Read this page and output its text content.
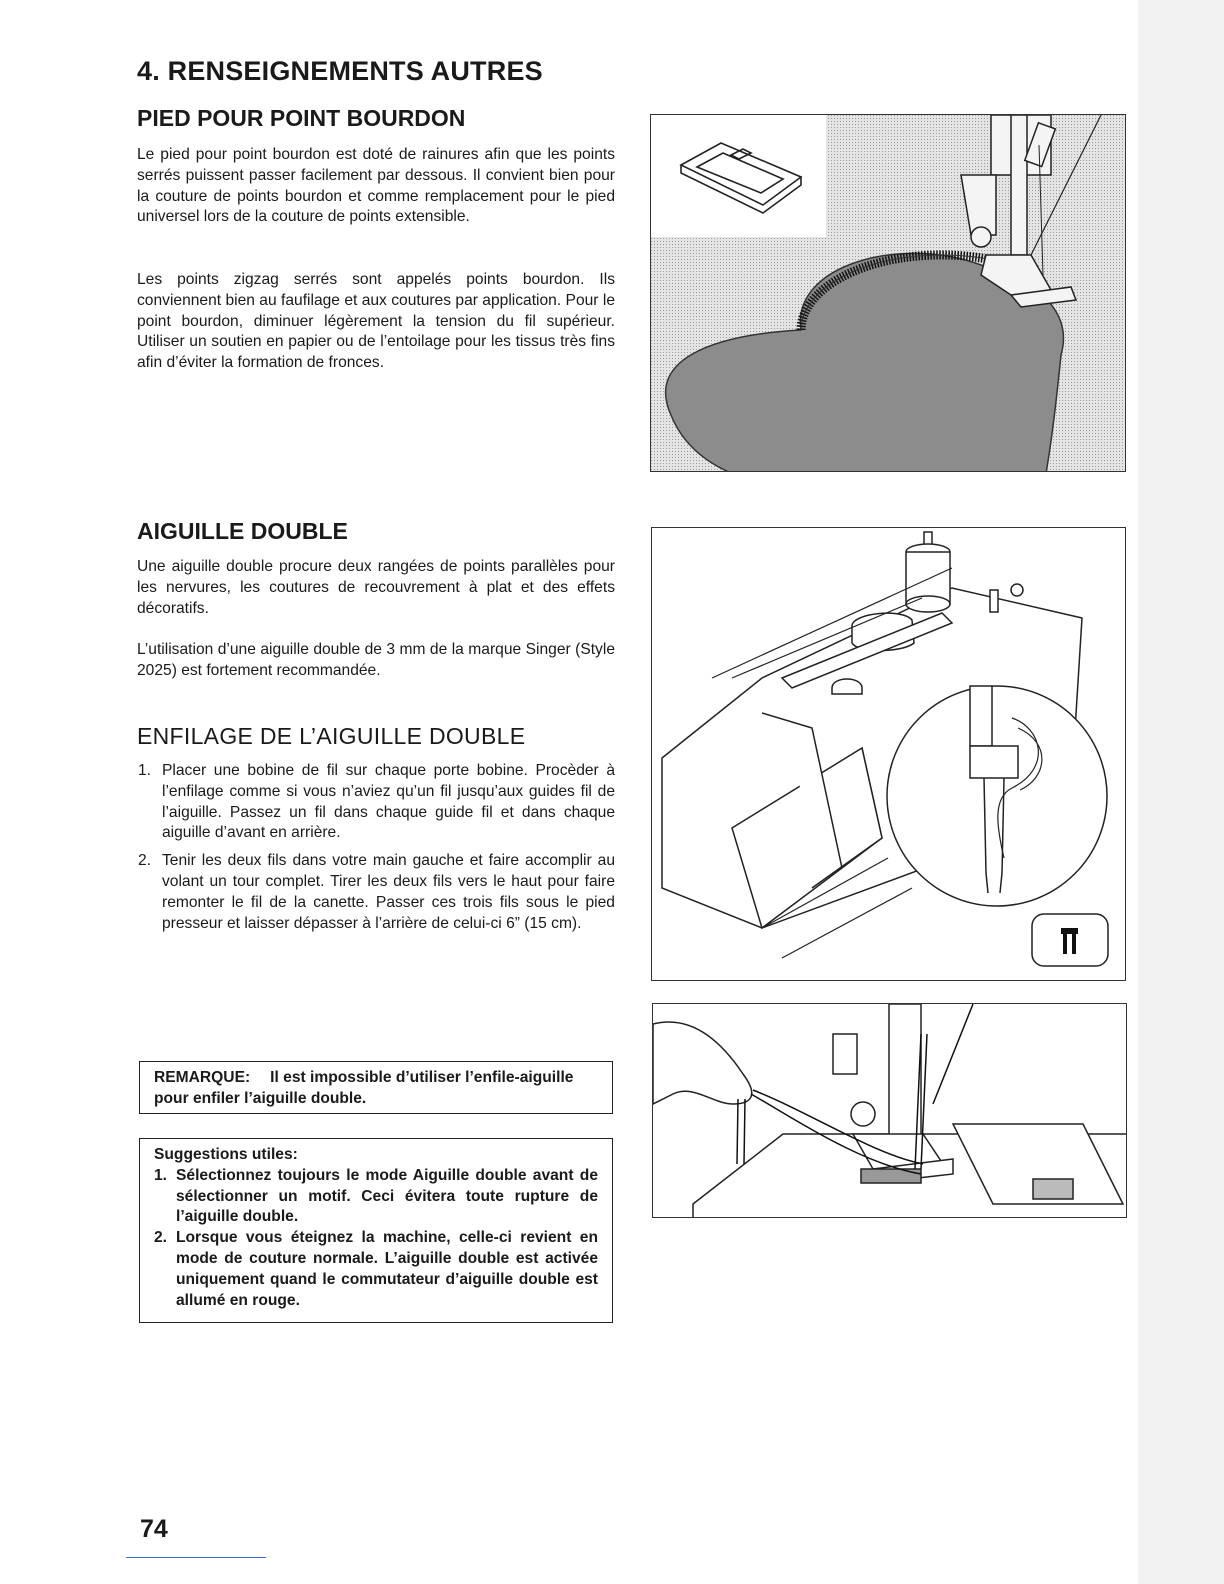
4. RENSEIGNEMENTS AUTRES
PIED POUR POINT BOURDON

Le pied pour point bourdon est doté de rainures afin que les points serrés puissent passer facilement par dessous. Il convient bien pour la couture de points bourdon et comme remplacement pour le pied universel lors de la couture de points extensible.

Les points zigzag serrés sont appelés points bourdon. Ils conviennent bien au faufilage et aux coutures par application. Pour le point bourdon, diminuer légèrement la tension du fil supérieur. Utiliser un soutien en papier ou de l’entoilage pour les tissus très fins afin d’éviter la formation de fronces.

AIGUILLE DOUBLE

Une aiguille double procure deux rangées de points parallèles pour les nervures, les coutures de recouvrement à plat et des effets décoratifs.

L’utilisation d’une aiguille double de 3 mm de la marque Singer (Style 2025) est fortement recommandée.

ENFILAGE DE L’AIGUILLE DOUBLE
1. Placer une bobine de fil sur chaque porte bobine. Procèder à l’enfilage comme si vous n’aviez qu’un fil jusqu’aux guides fil de l’aiguille. Passez un fil dans chaque guide fil et dans chaque aiguille d’avant en arrière.
2. Tenir les deux fils dans votre main gauche et faire accomplir au volant un tour complet. Tirer les deux fils vers le haut pour faire remonter le fil de la canette. Passer ces trois fils sous le pied presseur et laisser dépasser à l’arrière de celui-ci 6” (15 cm).
REMARQUE: Il est impossible d’utiliser l’enfile-aiguille pour enfiler l’aiguille double.
Suggestions utiles:
1. Sélectionnez toujours le mode Aiguille double avant de sélectionner un motif. Ceci évitera toute rupture de l’aiguille double.
2. Lorsque vous éteignez la machine, celle-ci revient en mode de couture normale. L’aiguille double est activée uniquement quand le commutateur d’aiguille double est allumé en rouge.
74
